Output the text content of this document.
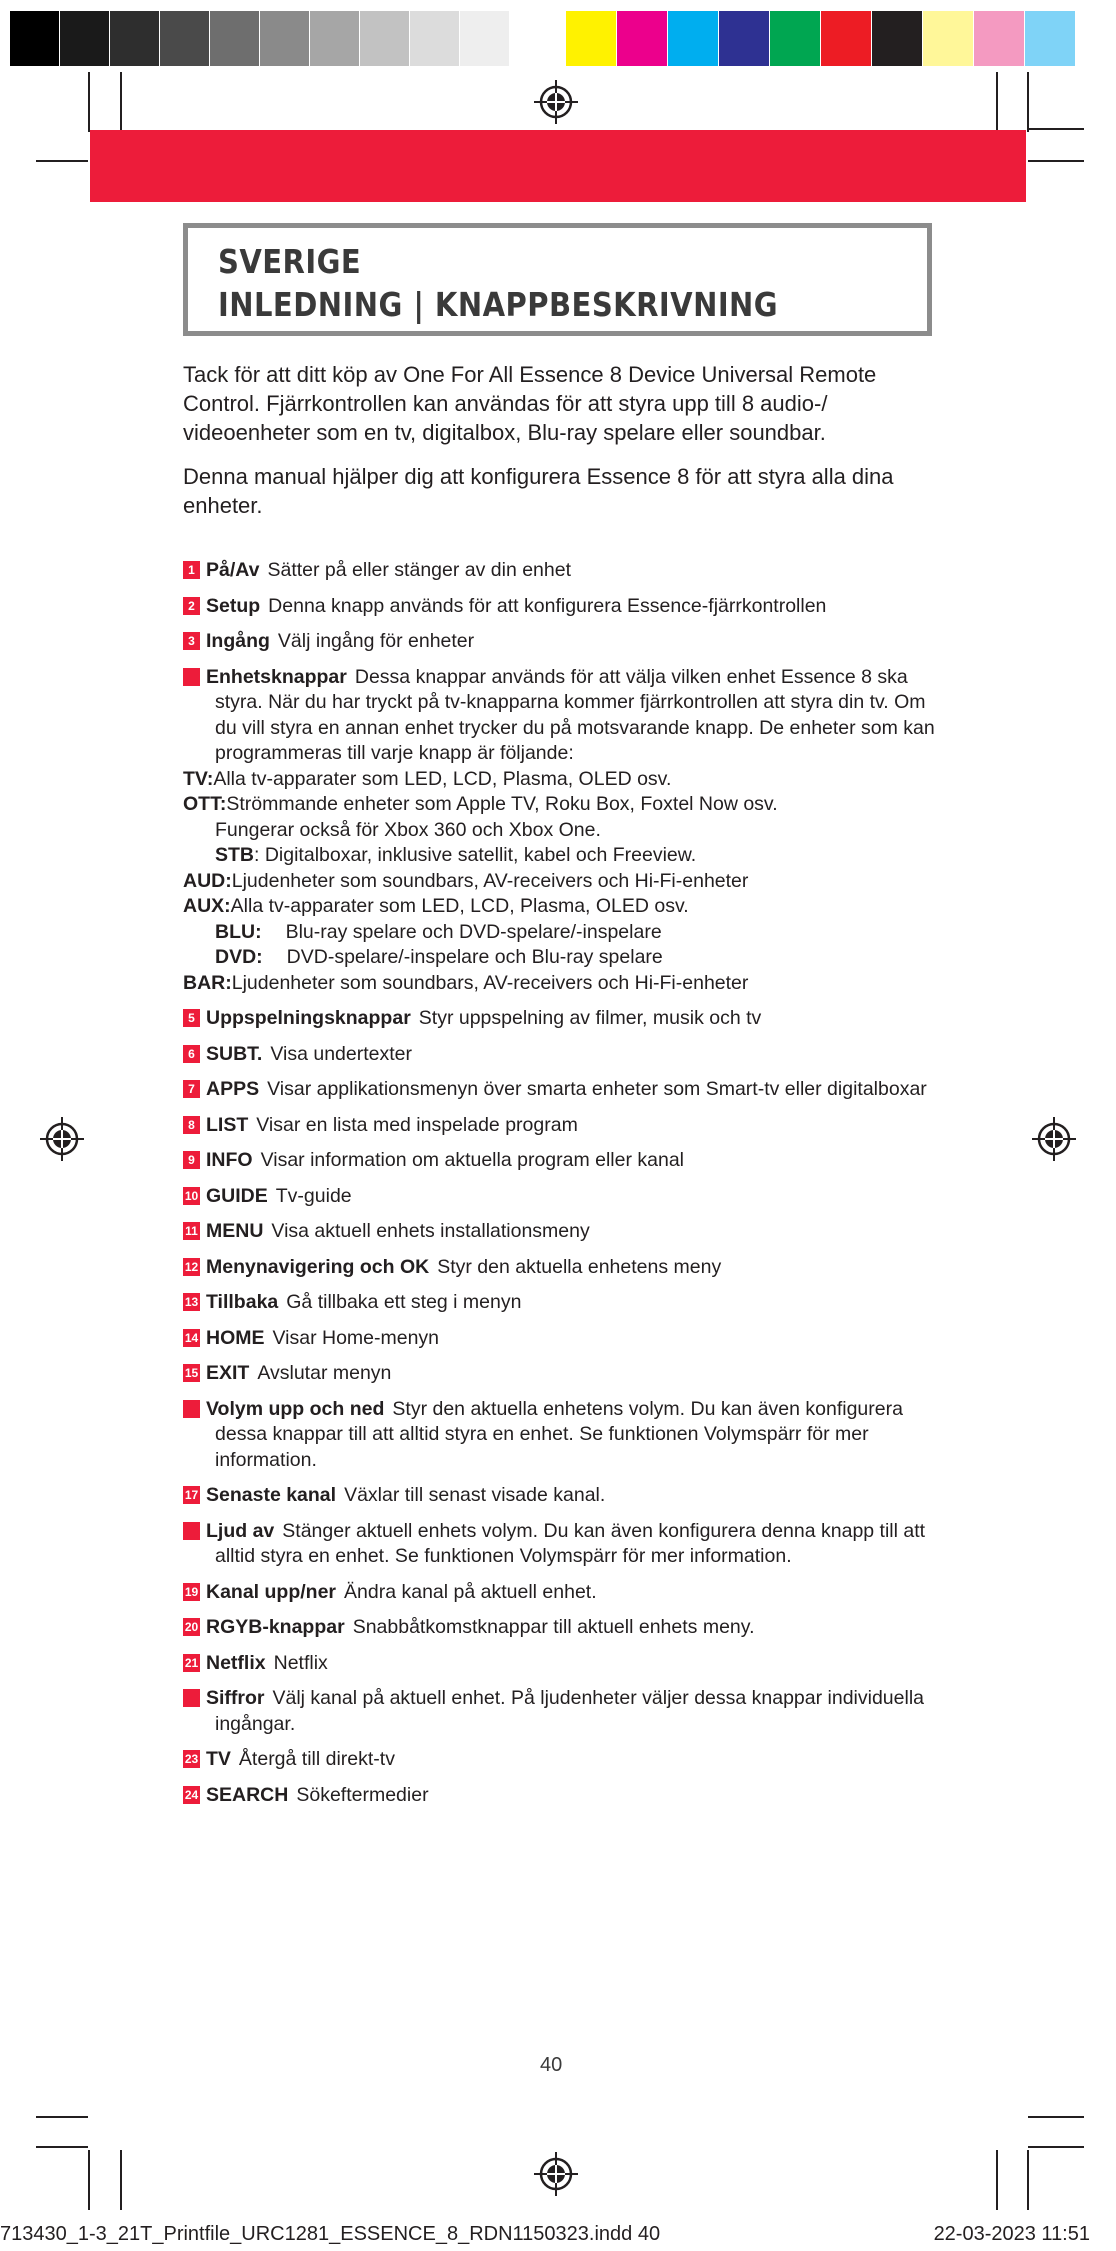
SVERIGE
INLEDNING | KNAPPBESKRIVNING
Tack för att ditt köp av One For All Essence 8 Device Universal Remote Control. Fjärrkontrollen kan användas för att styra upp till 8 audio-/ videoenheter som en tv, digitalbox, Blu-ray spelare eller soundbar.
Denna manual hjälper dig att konfigurera Essence 8 för att styra alla dina enheter.
1 På/Av Sätter på eller stänger av din enhet
2 Setup Denna knapp används för att konfigurera Essence-fjärrkontrollen
3 Ingång Välj ingång för enheter
4 Enhetsknappar Dessa knappar används för att välja vilken enhet Essence 8 ska styra. När du har tryckt på tv-knapparna kommer fjärrkontrollen att styra din tv. Om du vill styra en annan enhet trycker du på motsvarande knapp. De enheter som kan programmeras till varje knapp är följande:
TV:Alla tv-apparater som LED, LCD, Plasma, OLED osv.
OTT:Strömmande enheter som Apple TV, Roku Box, Foxtel Now osv.
Fungerar också för Xbox 360 och Xbox One.
STB: Digitalboxar, inklusive satellit, kabel och Freeview.
AUD:Ljudenheter som soundbars, AV-receivers och Hi-Fi-enheter
AUX:Alla tv-apparater som LED, LCD, Plasma, OLED osv.
BLU: Blu-ray spelare och DVD-spelare/-inspelare
DVD: DVD-spelare/-inspelare och Blu-ray spelare
BAR:Ljudenheter som soundbars, AV-receivers och Hi-Fi-enheter
5 Uppspelningsknappar Styr uppspelning av filmer, musik och tv
6 SUBT. Visa undertexter
7 APPS Visar applikationsmenyn över smarta enheter som Smart-tv eller digitalboxar
8 LIST Visar en lista med inspelade program
9 INFO Visar information om aktuella program eller kanal
10 GUIDE Tv-guide
11 MENU Visa aktuell enhets installationsmeny
12 Menynavigering och OK Styr den aktuella enhetens meny
13 Tillbaka Gå tillbaka ett steg i menyn
14 HOME Visar Home-menyn
15 EXIT Avslutar menyn
16 Volym upp och ned Styr den aktuella enhetens volym. Du kan även konfigurera dessa knappar till att alltid styra en enhet. Se funktionen Volymspärr för mer information.
17 Senaste kanal Växlar till senast visade kanal.
18 Ljud av Stänger aktuell enhets volym. Du kan även konfigurera denna knapp till att alltid styra en enhet. Se funktionen Volymspärr för mer information.
19 Kanal upp/ner Ändra kanal på aktuell enhet.
20 RGYB-knappar Snabbåtkomstknappar till aktuell enhets meny.
21 Netflix Netflix
22 Siffror Välj kanal på aktuell enhet. På ljudenheter väljer dessa knappar individuella ingångar.
23 TV Återgå till direkt-tv
24 SEARCH Sökeftermedier
40
713430_1-3_21T_Printfile_URC1281_ESSENCE_8_RDN1150323.indd 40	22-03-2023 11:51
